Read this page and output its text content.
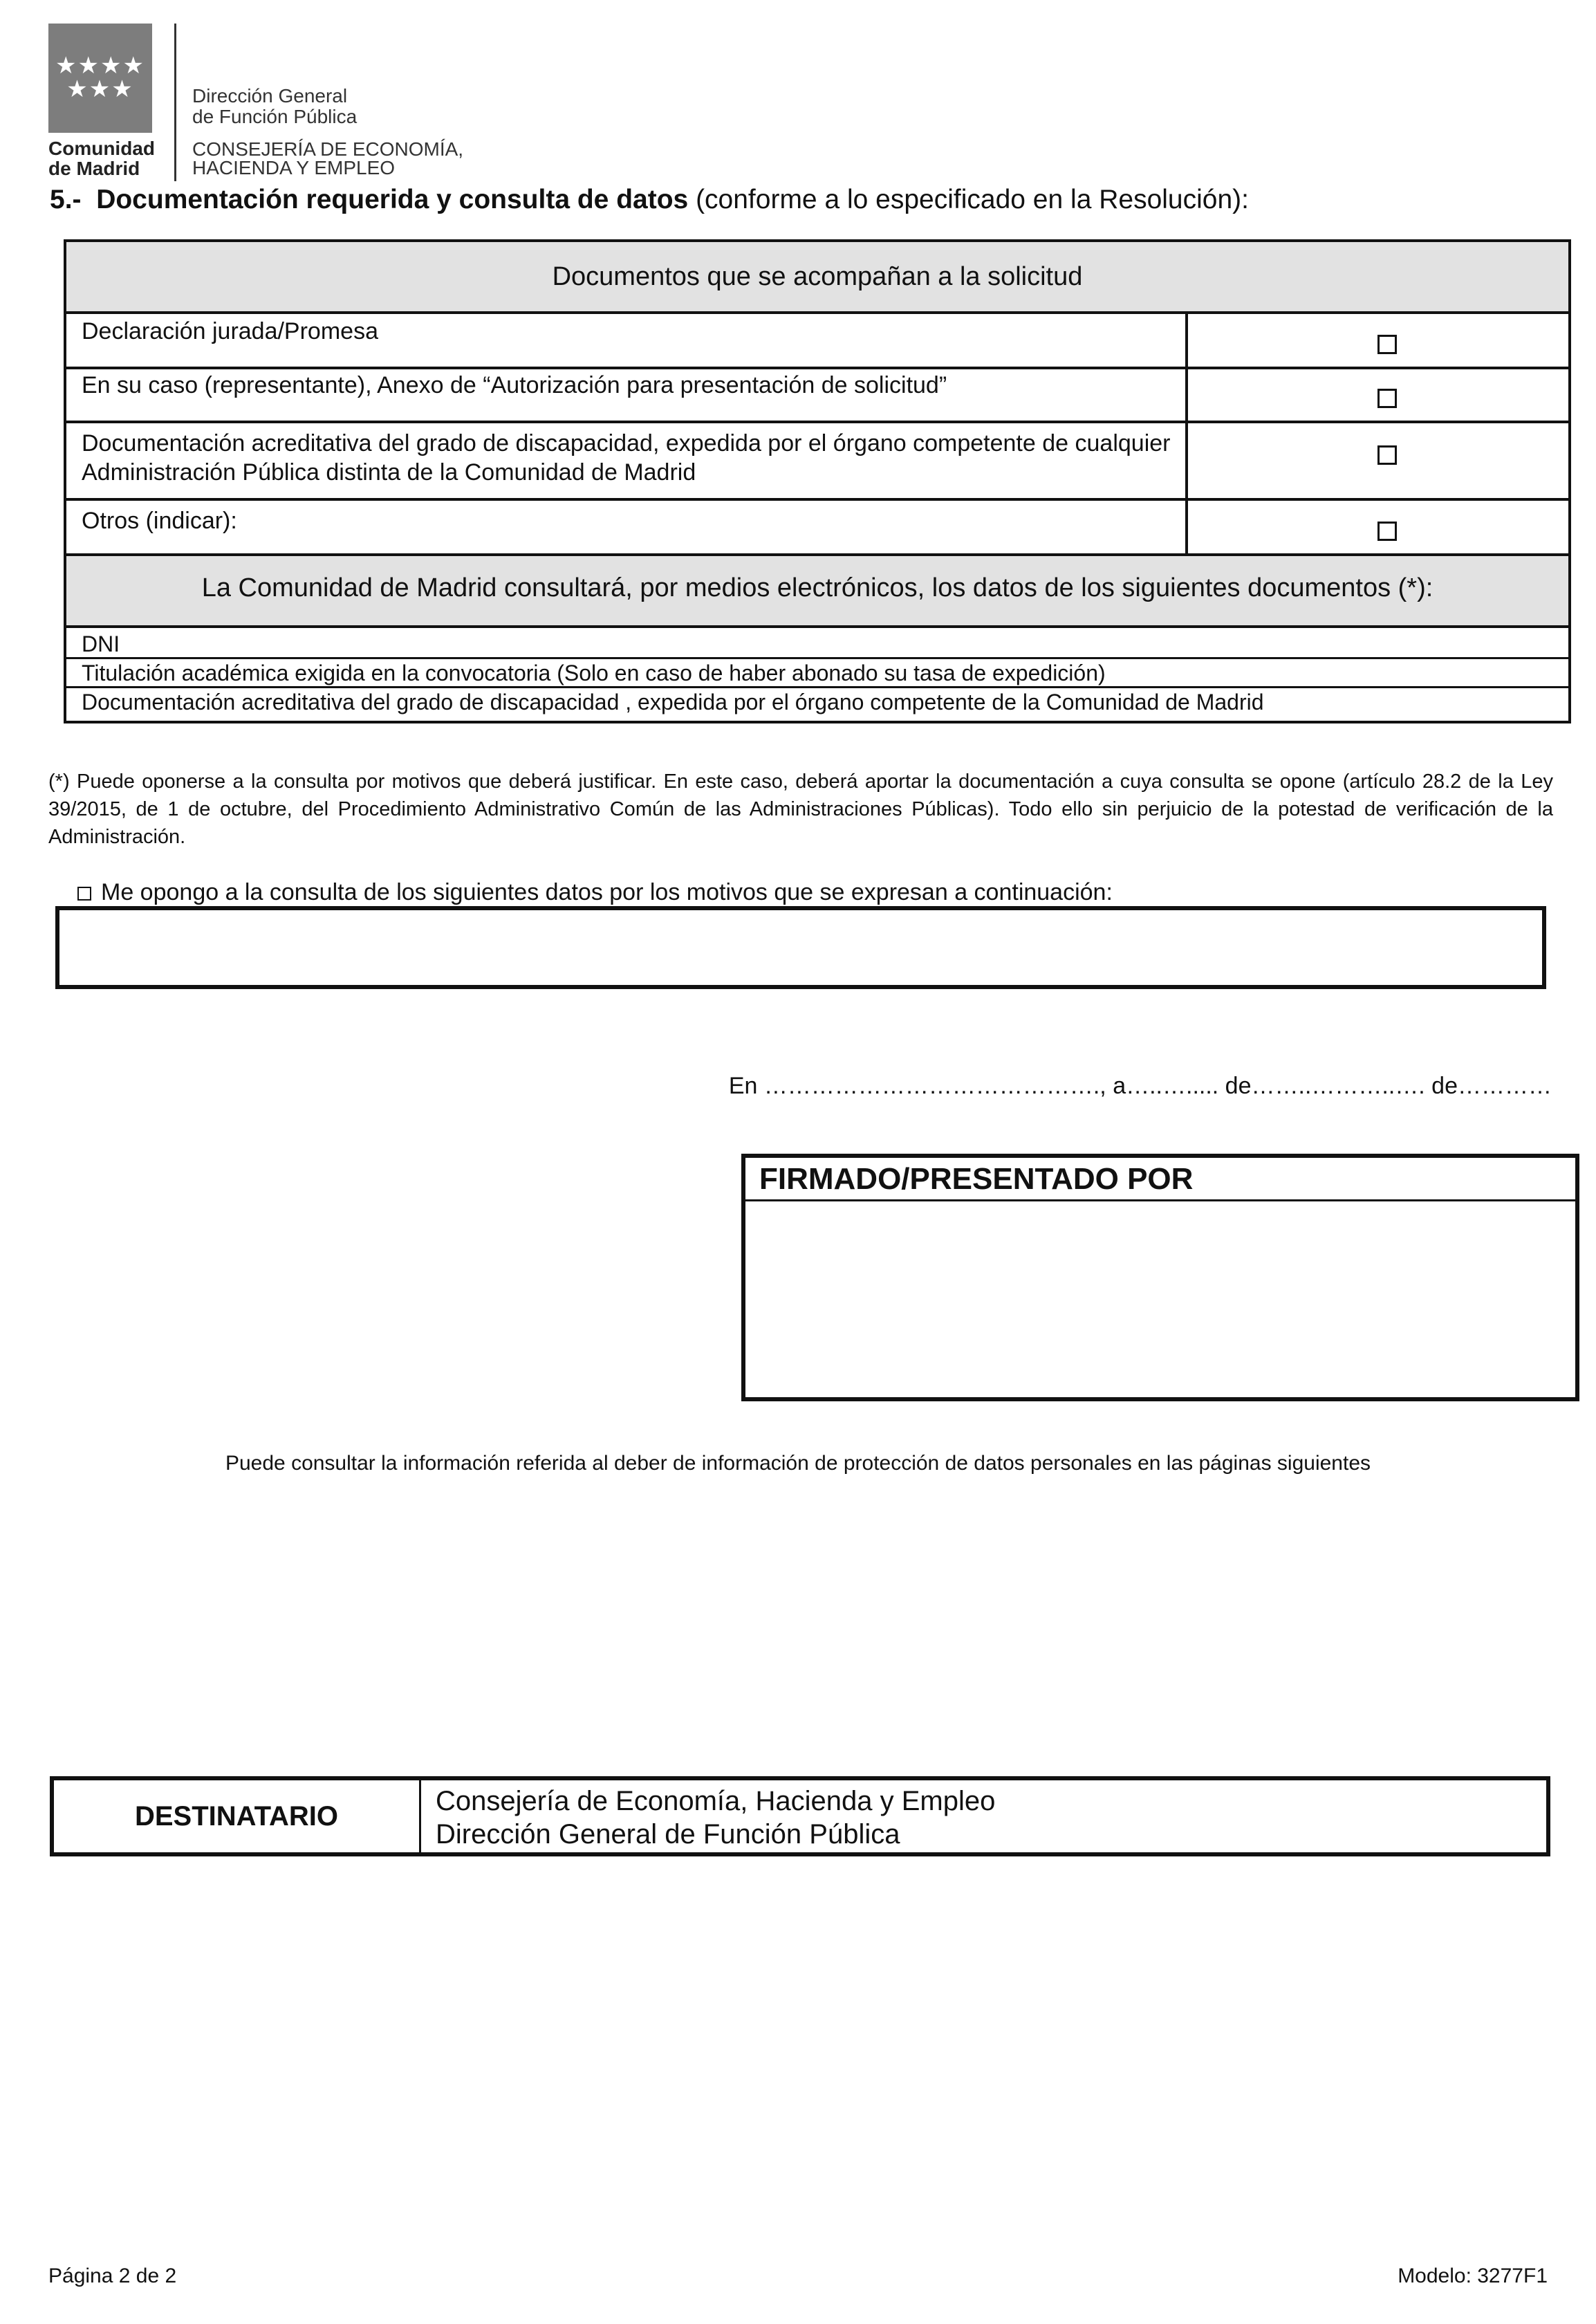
★★★★
★★★
Comunidad
de Madrid
Dirección General
de Función Pública
CONSEJERÍA DE ECONOMÍA,
HACIENDA Y EMPLEO
5.- Documentación requerida y consulta de datos (conforme a lo especificado en la Resolución):
Documentos que se acompañan a la solicitud
Declaración jurada/Promesa
En su caso (representante), Anexo de “Autorización para presentación de solicitud”
Documentación acreditativa del grado de discapacidad, expedida por el órgano competente de cualquier Administración Pública distinta de la Comunidad de Madrid
Otros (indicar):
La Comunidad de Madrid consultará, por medios electrónicos, los datos de los siguientes documentos (*):
DNI
Titulación académica exigida en la convocatoria (Solo en caso de haber abonado su tasa de expedición)
Documentación acreditativa del grado de discapacidad , expedida por el órgano competente de la Comunidad de Madrid
(*) Puede oponerse a la consulta por motivos que deberá justificar. En este caso, deberá aportar la documentación a cuya consulta se opone (artículo 28.2 de la Ley 39/2015, de 1 de octubre, del Procedimiento Administrativo Común de las Administraciones Públicas). Todo ello sin perjuicio de la potestad de verificación de la Administración.
Me opongo a la consulta de los siguientes datos por los motivos que se expresan a continuación:
En ……………………………………., a…..…..... de……..………..…. de…………
FIRMADO/PRESENTADO POR
Puede consultar la información referida al deber de información de protección de datos personales en las páginas siguientes
DESTINATARIO	Consejería de Economía, Hacienda y Empleo
Dirección General de Función Pública
Página 2 de 2	Modelo: 3277F1
